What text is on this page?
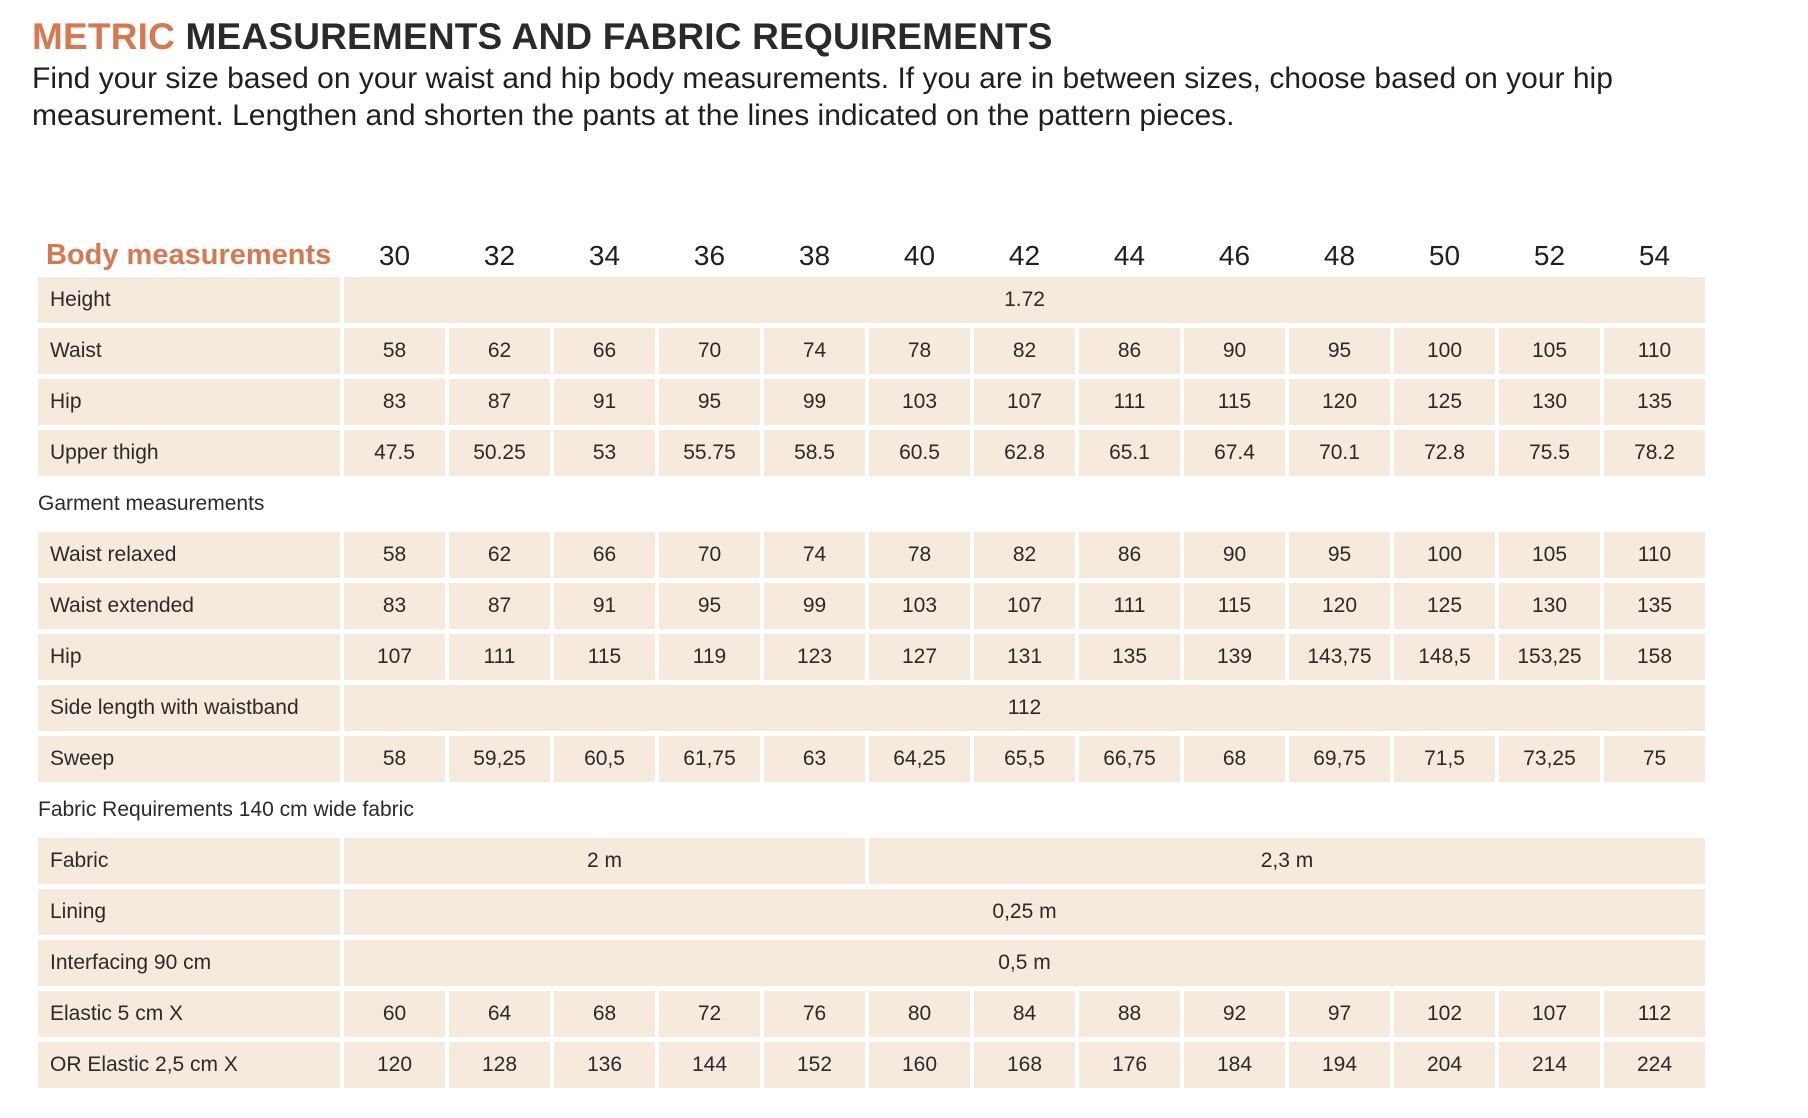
METRIC MEASUREMENTS AND FABRIC REQUIREMENTS
Find your size based on your waist and hip body measurements. If you are in between sizes, choose based on your hip measurement. Lengthen and shorten the pants at the lines indicated on the pattern pieces.
Body measurements	30	32	34	36	38	40	42	44	46	48	50	52	54
Height	1.72												
Waist	58	62	66	70	74	78	82	86	90	95	100	105	110
Hip	83	87	91	95	99	103	107	111	115	120	125	130	135
Upper thigh	47.5	50.25	53	55.75	58.5	60.5	62.8	65.1	67.4	70.1	72.8	75.5	78.2
Garment measurements													
Waist relaxed	58	62	66	70	74	78	82	86	90	95	100	105	110
Waist extended	83	87	91	95	99	103	107	111	115	120	125	130	135
Hip	107	111	115	119	123	127	131	135	139	143,75	148,5	153,25	158
Side length with waistband	112												
Sweep	58	59,25	60,5	61,75	63	64,25	65,5	66,75	68	69,75	71,5	73,25	75
Fabric Requirements 140 cm wide fabric													
Fabric	2 m					2,3 m							
Lining	0,25 m												
Interfacing 90 cm	0,5 m												
Elastic 5 cm X	60	64	68	72	76	80	84	88	92	97	102	107	112
OR Elastic 2,5 cm X	120	128	136	144	152	160	168	176	184	194	204	214	224
